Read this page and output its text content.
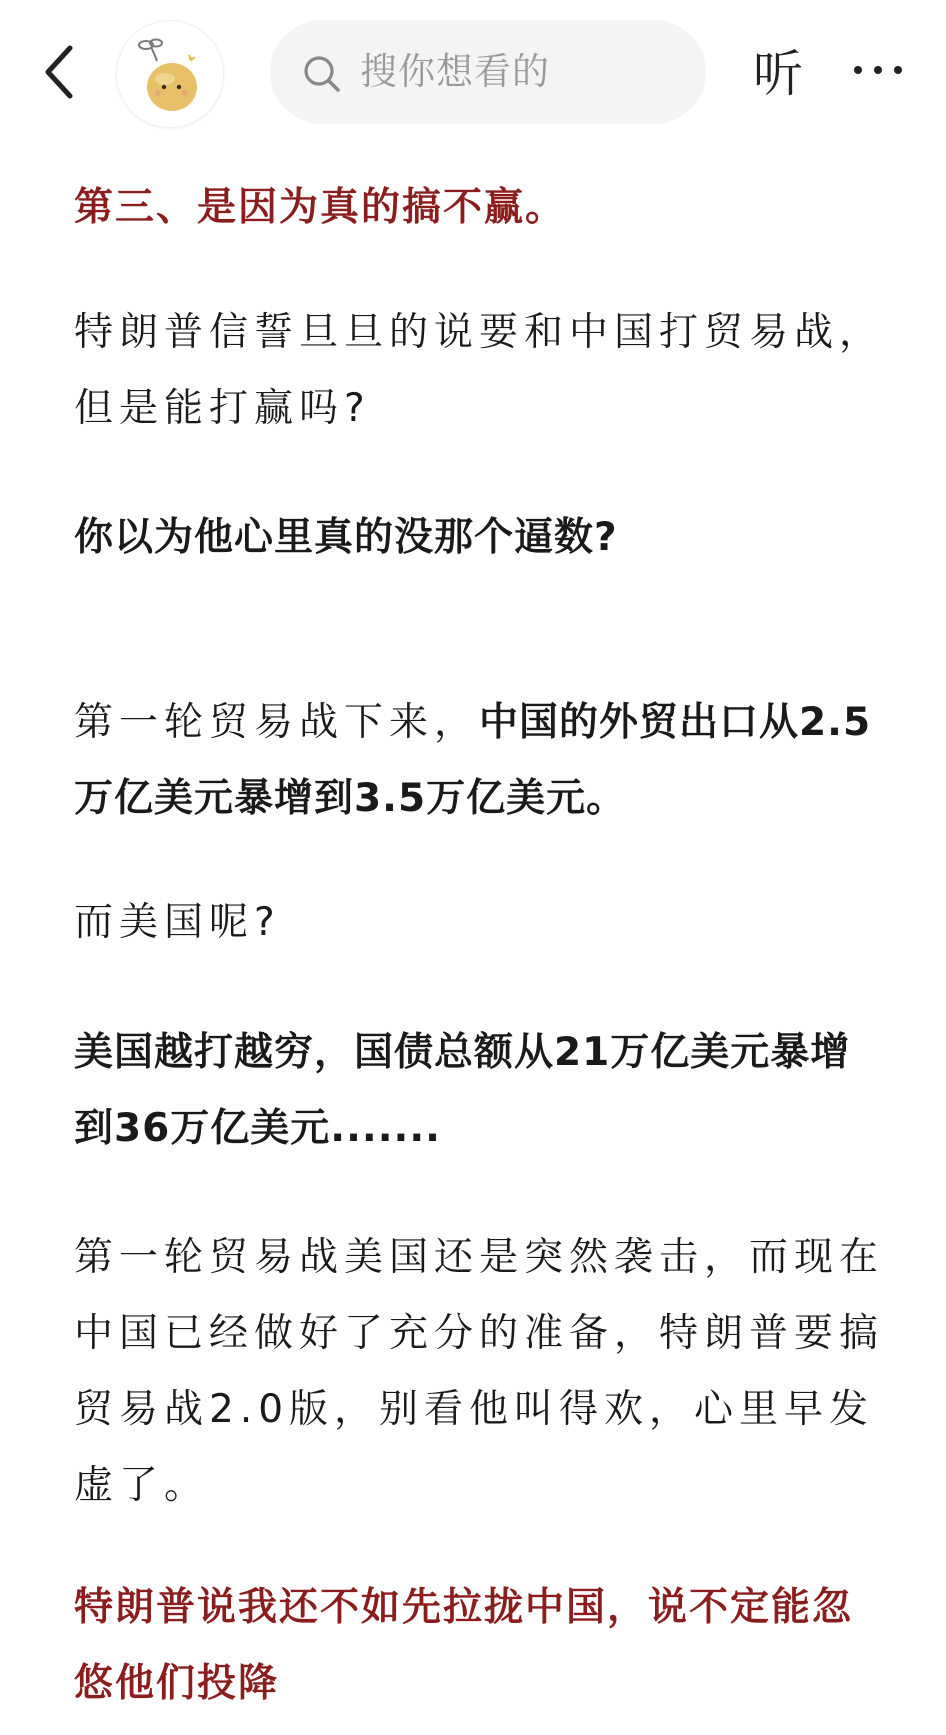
搜你想看的	听

第三、是因为真的搞不赢。

特朗普信誓旦旦的说要和中国打贸易战，但是能打赢吗?

你以为他心里真的没那个逼数?

第一轮贸易战下来，中国的外贸出口从2.5万亿美元暴增到3.5万亿美元。

而美国呢?

美国越打越穷，国债总额从21万亿美元暴增到36万亿美元.......

第一轮贸易战美国还是突然袭击，而现在中国已经做好了充分的准备，特朗普要搞贸易战2.0版，别看他叫得欢，心里早发虚了。

特朗普说我还不如先拉拢中国，说不定能忽悠他们投降
